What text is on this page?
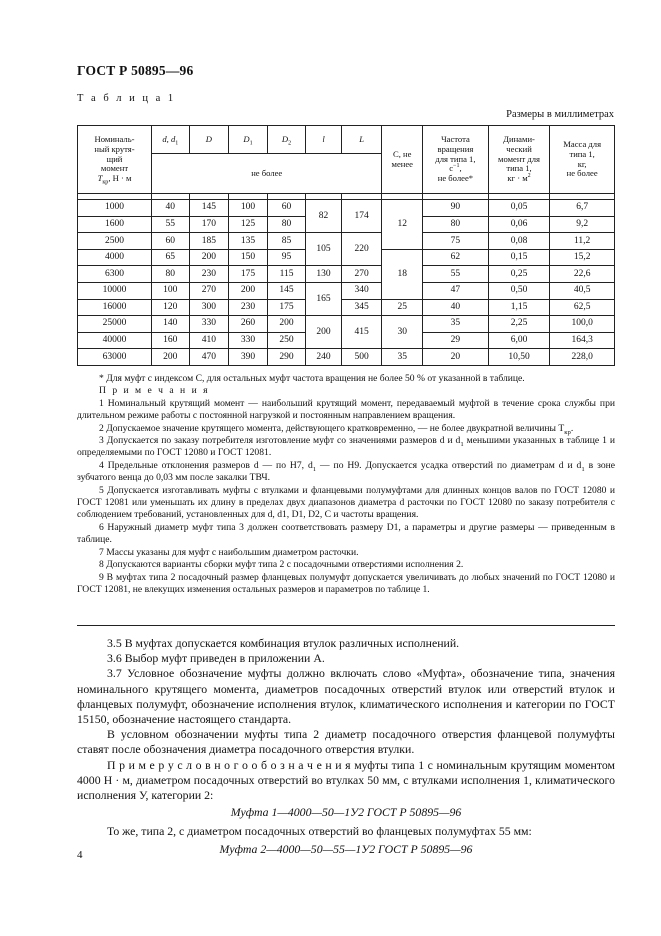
ГОСТ Р 50895—96
Т а б л и ц а 1
Размеры в миллиметрах
Номиналь-
ный крутя-
щий
момент
$T_{кр}$, Н · м	d, $d_1$	D	$D_1$	$D_2$	l	L	C, не менее	Частота
вращения
для типа 1,
$c^{-1}$,
не более*	Динами-
ческий
момент для
типа 1,
кг · $м^2$	Масса для
типа 1,
кг,
не более
	не более									

1000	40	145	100	60	82	174	12	90	0,05	6,7
1600	55	170	125	80				80	0,06	9,2
2500	60	185	135	85	105	220		75	0,08	11,2
4000	65	200	150	95			18	62	0,15	15,2
6300	80	230	175	115	130	270		55	0,25	22,6
10000	100	270	200	145	165	340		47	0,50	40,5
16000	120	300	230	175		345	25	40	1,15	62,5
25000	140	330	260	200	200	415	30	35	2,25	100,0
40000	160	410	330	250				29	6,00	164,3
63000	200	470	390	290	240	500	35	20	10,50	228,0

* Для муфт с индексом С, для остальных муфт частота вращения не более 50 % от указанной в таблице.

П р и м е ч а н и я

1 Номинальный крутящий момент — наибольший крутящий момент, передаваемый муфтой в течение срока службы при длительном режиме работы с постоянной нагрузкой и постоянным направлением вращения.

2 Допускаемое значение крутящего момента, действующего кратковременно, — не более двукратной величины $T_{кр}$.

3 Допускается по заказу потребителя изготовление муфт со значениями размеров d и $d_1$ меньшими указанных в таблице 1 и определяемыми по ГОСТ 12080 и ГОСТ 12081.

4 Предельные отклонения размеров d — по Н7, $d_1$ — по Н9. Допускается усадка отверстий по диаметрам d и $d_1$ в зоне зубчатого венца до 0,03 мм после закалки ТВЧ.

5 Допускается изготавливать муфты с втулками и фланцевыми полумуфтами для длинных концов валов по ГОСТ 12080 и ГОСТ 12081 или уменьшать их длину в пределах двух диапазонов диаметра d расточки по ГОСТ 12080 по заказу потребителя с соблюдением требований, установленных для d, d1, D1, D2, C и частоты вращения.

6 Наружный диаметр муфт типа 3 должен соответствовать размеру D1, а параметры и другие размеры — приведенным в таблице.

7 Массы указаны для муфт с наибольшим диаметром расточки.

8 Допускаются варианты сборки муфт типа 2 с посадочными отверстиями исполнения 2.

9 В муфтах типа 2 посадочный размер фланцевых полумуфт допускается увеличивать до любых значений по ГОСТ 12080 и ГОСТ 12081, не влекущих изменения остальных размеров и параметров по таблице 1.

3.5 В муфтах допускается комбинация втулок различных исполнений.

3.6 Выбор муфт приведен в приложении А.

3.7 Условное обозначение муфты должно включать слово «Муфта», обозначение типа, значения номинального крутящего момента, диаметров посадочных отверстий втулок или отверстий втулок и фланцевых полумуфт, обозначение исполнения втулок, климатического исполнения и категории по ГОСТ 15150, обозначение настоящего стандарта.

В условном обозначении муфты типа 2 диаметр посадочного отверстия фланцевой полумуфты ставят после обозначения диаметра посадочного отверстия втулки.

П р и м е р у с л о в н о г о о б о з н а ч е н и я муфты типа 1 с номинальным крутящим моментом 4000 Н · м, диаметром посадочных отверстий во втулках 50 мм, с втулками исполнения 1, климатического исполнения У, категории 2:

Муфта 1—4000—50—1У2 ГОСТ Р 50895—96

То же, типа 2, с диаметром посадочных отверстий во фланцевых полумуфтах 55 мм:

Муфта 2—4000—50—55—1У2 ГОСТ Р 50895—96

4
